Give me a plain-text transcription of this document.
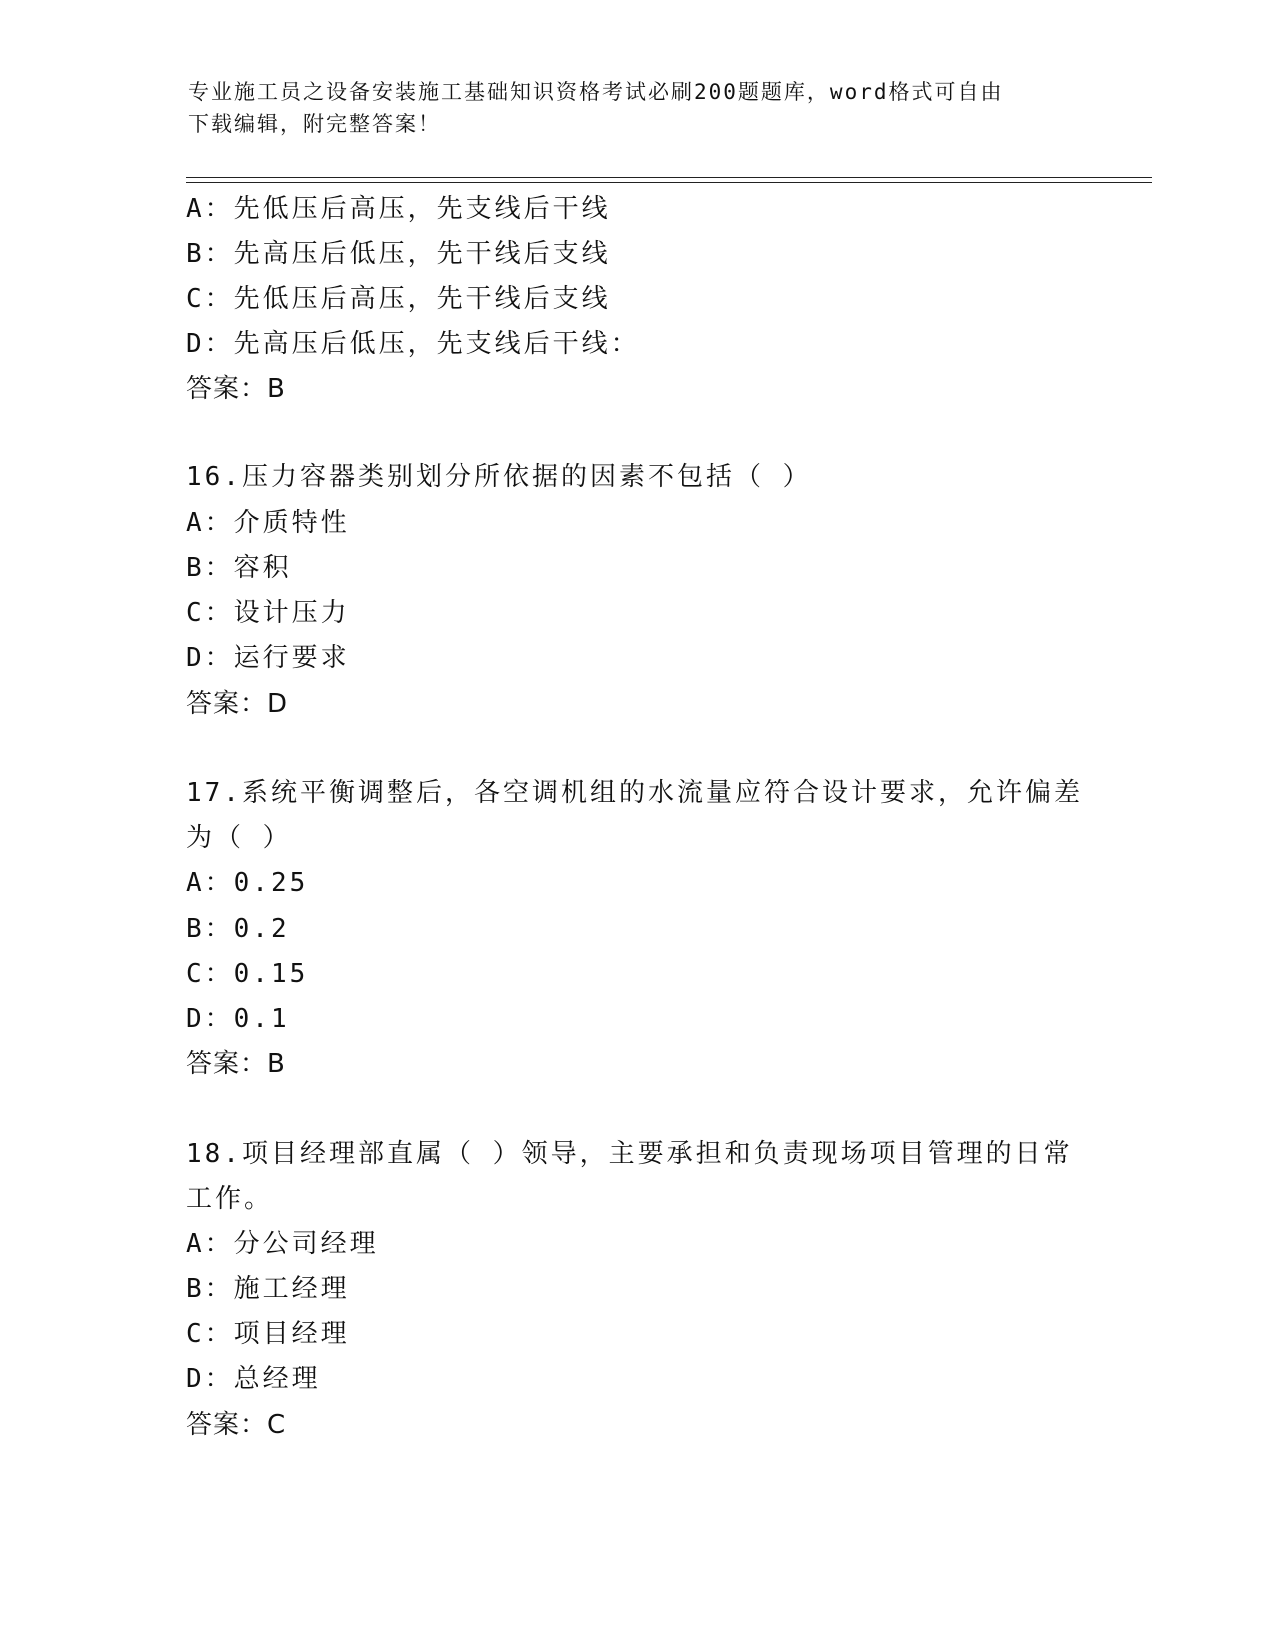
专业施工员之设备安装施工基础知识资格考试必刷200题题库，word格式可自由
下载编辑，附完整答案！
A：先低压后高压，先支线后干线
B：先高压后低压，先干线后支线
C：先低压后高压，先干线后支线
D：先高压后低压，先支线后干线：
答案：B
16.压力容器类别划分所依据的因素不包括（ ）
A：介质特性
B：容积
C：设计压力
D：运行要求
答案：D
17.系统平衡调整后，各空调机组的水流量应符合设计要求，允许偏差
为（ ）
A：0.25
B：0.2
C：0.15
D：0.1
答案：B
18.项目经理部直属（ ）领导，主要承担和负责现场项目管理的日常
工作。
A：分公司经理
B：施工经理
C：项目经理
D：总经理
答案：C
